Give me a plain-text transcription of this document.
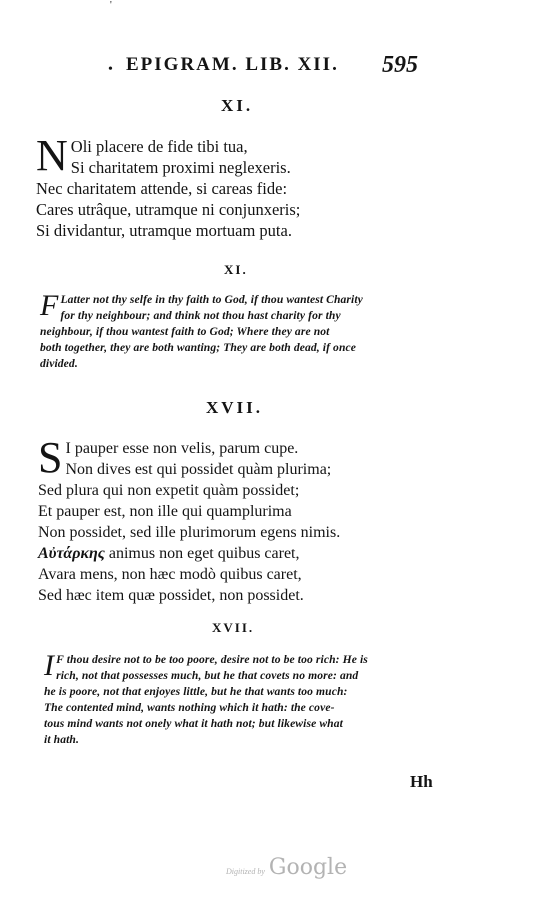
'
• EPIGRAM. LIB. XII. 595
XI.
N Oli placere de fide tibi tua,
Si charitatem proximi neglexeris.
Nec charitatem attende, si careas fide:
Cares utrâque, utramque ni conjunxeris;
Si dividantur, utramque mortuam puta.
XI.
F Latter not thy selfe in thy faith to God, if thou wantest Charity
for thy neighbour; and think not thou hast charity for thy
neighbour, if thou wantest faith to God; Where they are not
both together, they are both wanting; They are both dead, if once
divided.
XVII.
S I pauper esse non velis, parum cupe.
Non dives est qui possidet quàm plurima;
Sed plura qui non expetit quàm possidet;
Et pauper est, non ille qui quamplurima
Non possidet, sed ille plurimorum egens nimis.
Αὐτάρκης animus non eget quibus caret,
Avara mens, non hæc modò quibus caret,
Sed hæc item quæ possidet, non possidet.
XVII.
I F thou desire not to be too poore, desire not to be too rich: He is
rich, not that possesses much, but he that covets no more: and
he is poore, not that enjoyes little, but he that wants too much:
The contented mind, wants nothing which it hath: the cove-
tous mind wants not onely what it hath not; but likewise what
it hath.
Hh
Digitized by Google
